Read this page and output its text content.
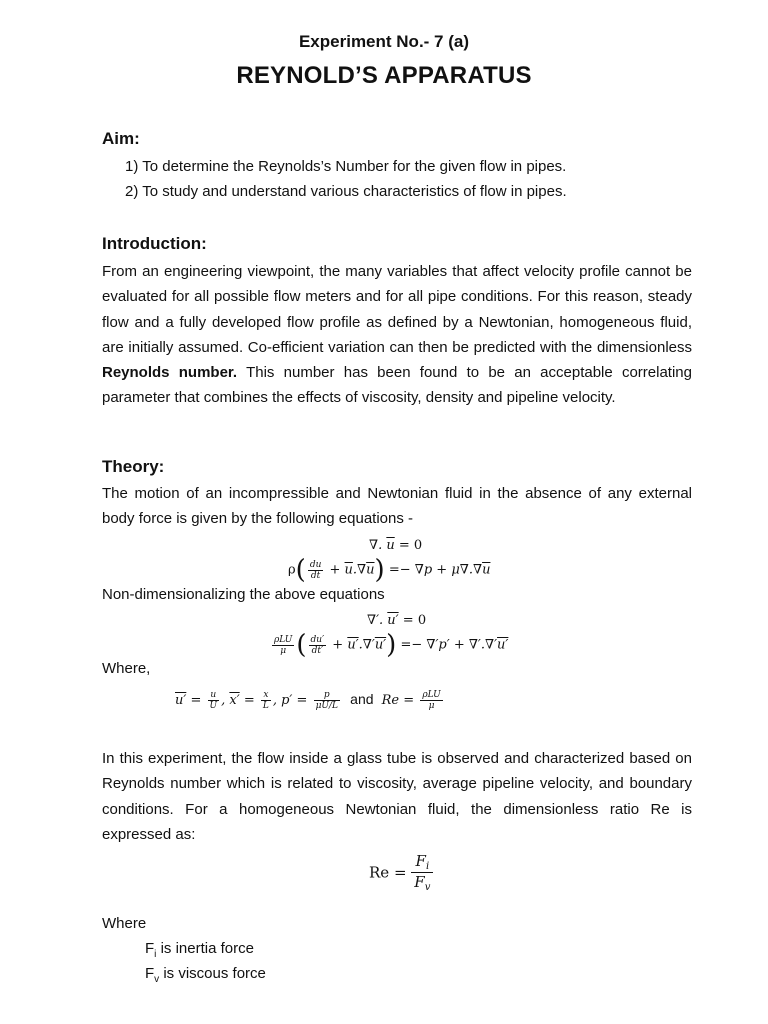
Experiment No.- 7 (a)
REYNOLD’S APPARATUS
Aim:
1) To determine the Reynolds’s Number for the given flow in pipes.
2) To study and understand various characteristics of flow in pipes.
Introduction:
From an engineering viewpoint, the many variables that affect velocity profile cannot be evaluated for all possible flow meters and for all pipe conditions. For this reason, steady flow and a fully developed flow profile as defined by a Newtonian, homogeneous fluid, are initially assumed. Co-efficient variation can then be predicted with the dimensionless Reynolds number. This number has been found to be an acceptable correlating parameter that combines the effects of viscosity, density and pipeline velocity.
Theory:
The motion of an incompressible and Newtonian fluid in the absence of any external body force is given by the following equations -
∇. $\overline{u} = 0$
$\rho( \frac{du}{dt} + \overline{u}.\nabla\overline{u}) =- \nabla p + \mu\nabla.\nabla\overline{u}$
Non-dimensionalizing the above equations
∇′. u′ = 0
$\frac{\text{ρLU}}{\mu}$ ( $\frac{du'}{dt'} + u'.\nabla'u') =- \nabla'p' + \nabla'.\nabla'u'$
Where,
$u' = \frac{u}{U}$ , $x' = \frac{x}{L}$ , $p' = \frac{p}{\mu U/L}$ and $Re = \frac{\text{ρLU}}{\mu}$
In this experiment, the flow inside a glass tube is observed and characterized based on Reynolds number which is related to viscosity, average pipeline velocity, and boundary conditions. For a homogeneous Newtonian fluid, the dimensionless ratio Re is expressed as:
$Re = \frac{F_i}{F_v}$
Where
$F_i$ is inertia force
$F_v$ is viscous force
